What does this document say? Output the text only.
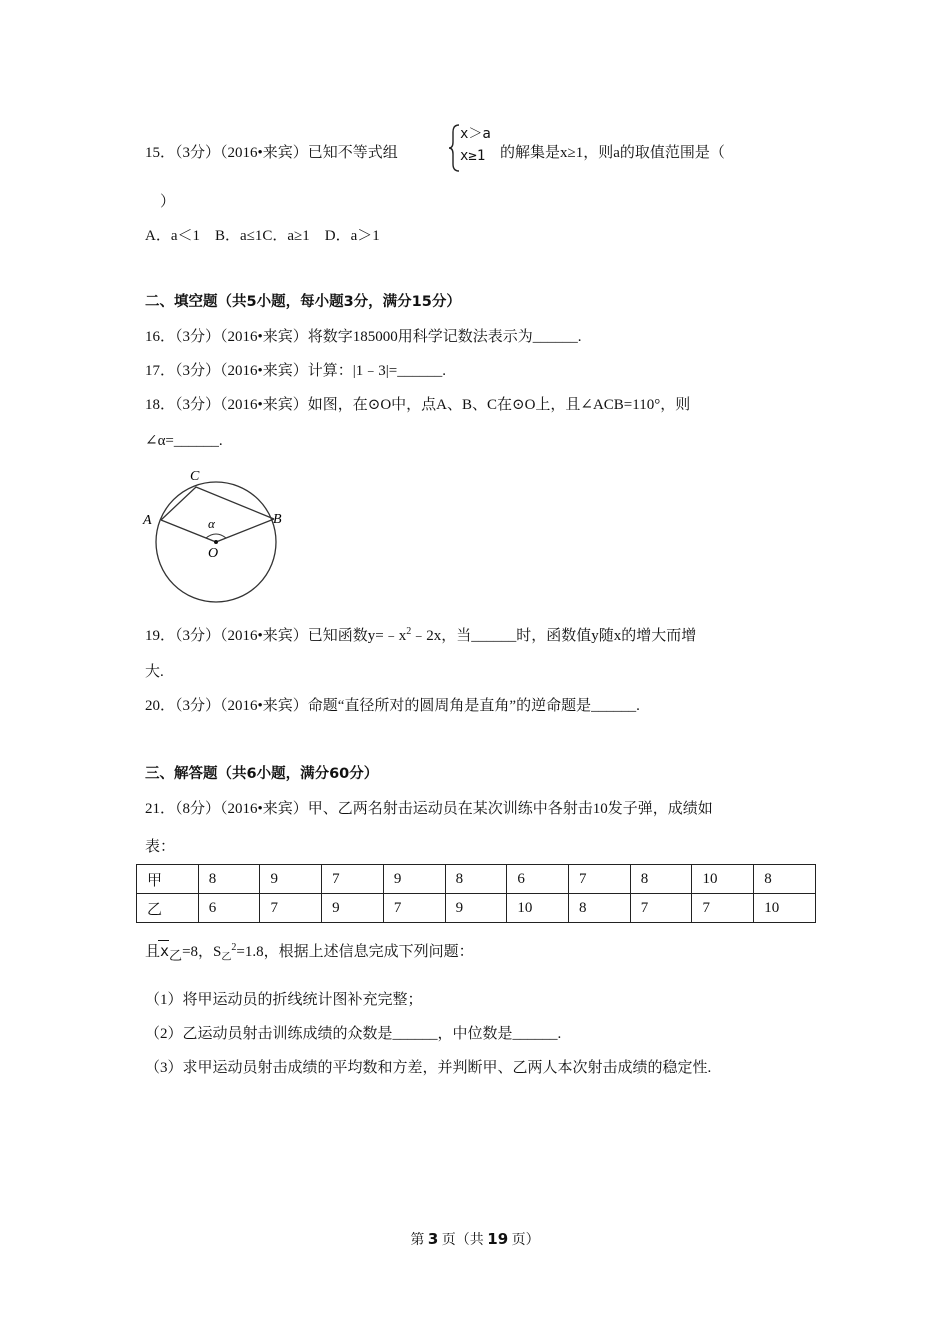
15．（3分）（2016•来宾）已知不等式组
x＞a
x≥1 的解集是x≥1，则a的取值范围是（
）
A．a＜1　B．a≤1C．a≥1　D．a＞1
二、填空题（共5小题，每小题3分，满分15分）
16．（3分）（2016•来宾）将数字185000用科学记数法表示为______.
17．（3分）（2016•来宾）计算：|1﹣3|=______.
18．（3分）（2016•来宾）如图，在⊙O中，点A、B、C在⊙O上，且∠ACB=110°，则
∠α=______.
A
C
B
O
α
19．（3分）（2016•来宾）已知函数$y=﹣x^2﹣2x$，当______时，函数值y随x的增大而增
大.
20．（3分）（2016•来宾）命题“直径所对的圆周角是直角”的逆命题是______.
三、解答题（共6小题，满分60分）
21．（8分）（2016•来宾）甲、乙两名射击运动员在某次训练中各射击10发子弹，成绩如
表：
甲	8	9	7	9	8	6	7	8	10	8
乙	6	7	9	7	9	10	8	7	7	10
且$x_乙=8$，$S_乙^2=1.8$，根据上述信息完成下列问题：
（1）将甲运动员的折线统计图补充完整；
（2）乙运动员射击训练成绩的众数是______，中位数是______.
（3）求甲运动员射击成绩的平均数和方差，并判断甲、乙两人本次射击成绩的稳定性.
第 3 页（共 19 页）
